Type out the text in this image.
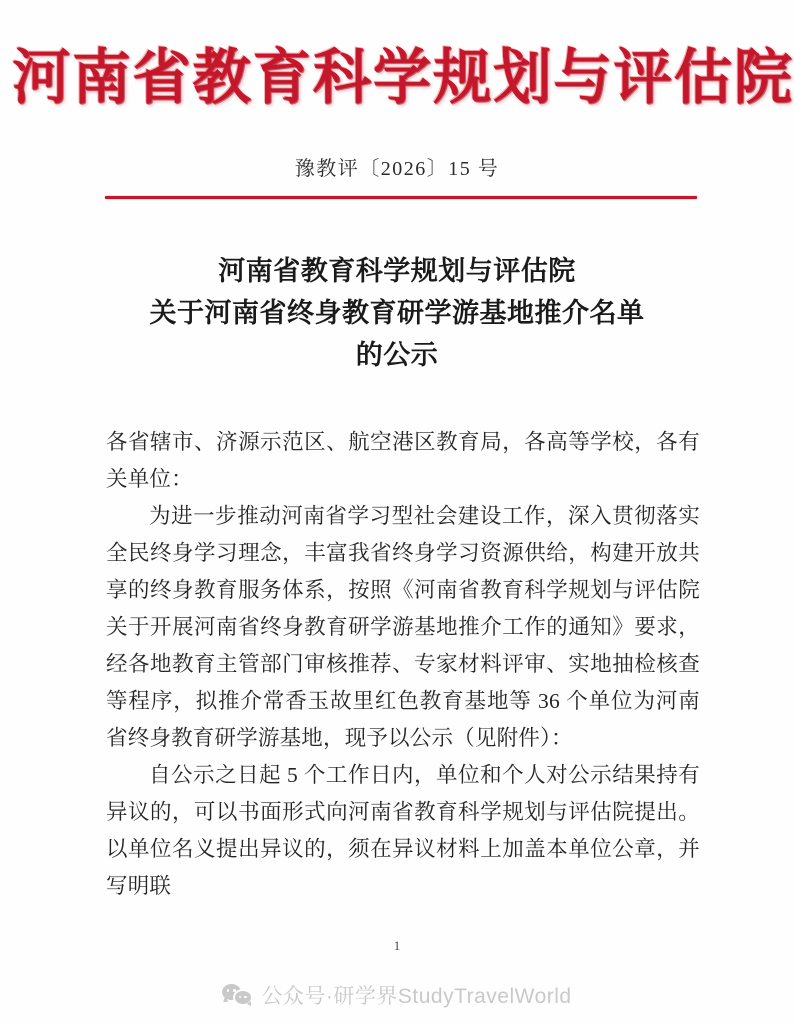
河南省教育科学规划与评估院
豫教评〔2026〕15 号
河南省教育科学规划与评估院
关于河南省终身教育研学游基地推介名单
的公示

各省辖市、济源示范区、航空港区教育局，各高等学校，各有关单位：

为进一步推动河南省学习型社会建设工作，深入贯彻落实全民终身学习理念，丰富我省终身学习资源供给，构建开放共享的终身教育服务体系，按照《河南省教育科学规划与评估院关于开展河南省终身教育研学游基地推介工作的通知》要求，经各地教育主管部门审核推荐、专家材料评审、实地抽检核查等程序，拟推介常香玉故里红色教育基地等 36 个单位为河南省终身教育研学游基地，现予以公示（见附件）：

自公示之日起 5 个工作日内，单位和个人对公示结果持有异议的，可以书面形式向河南省教育科学规划与评估院提出。以单位名义提出异议的，须在异议材料上加盖本单位公章，并写明联

1
公众号·研学界StudyTravelWorld
